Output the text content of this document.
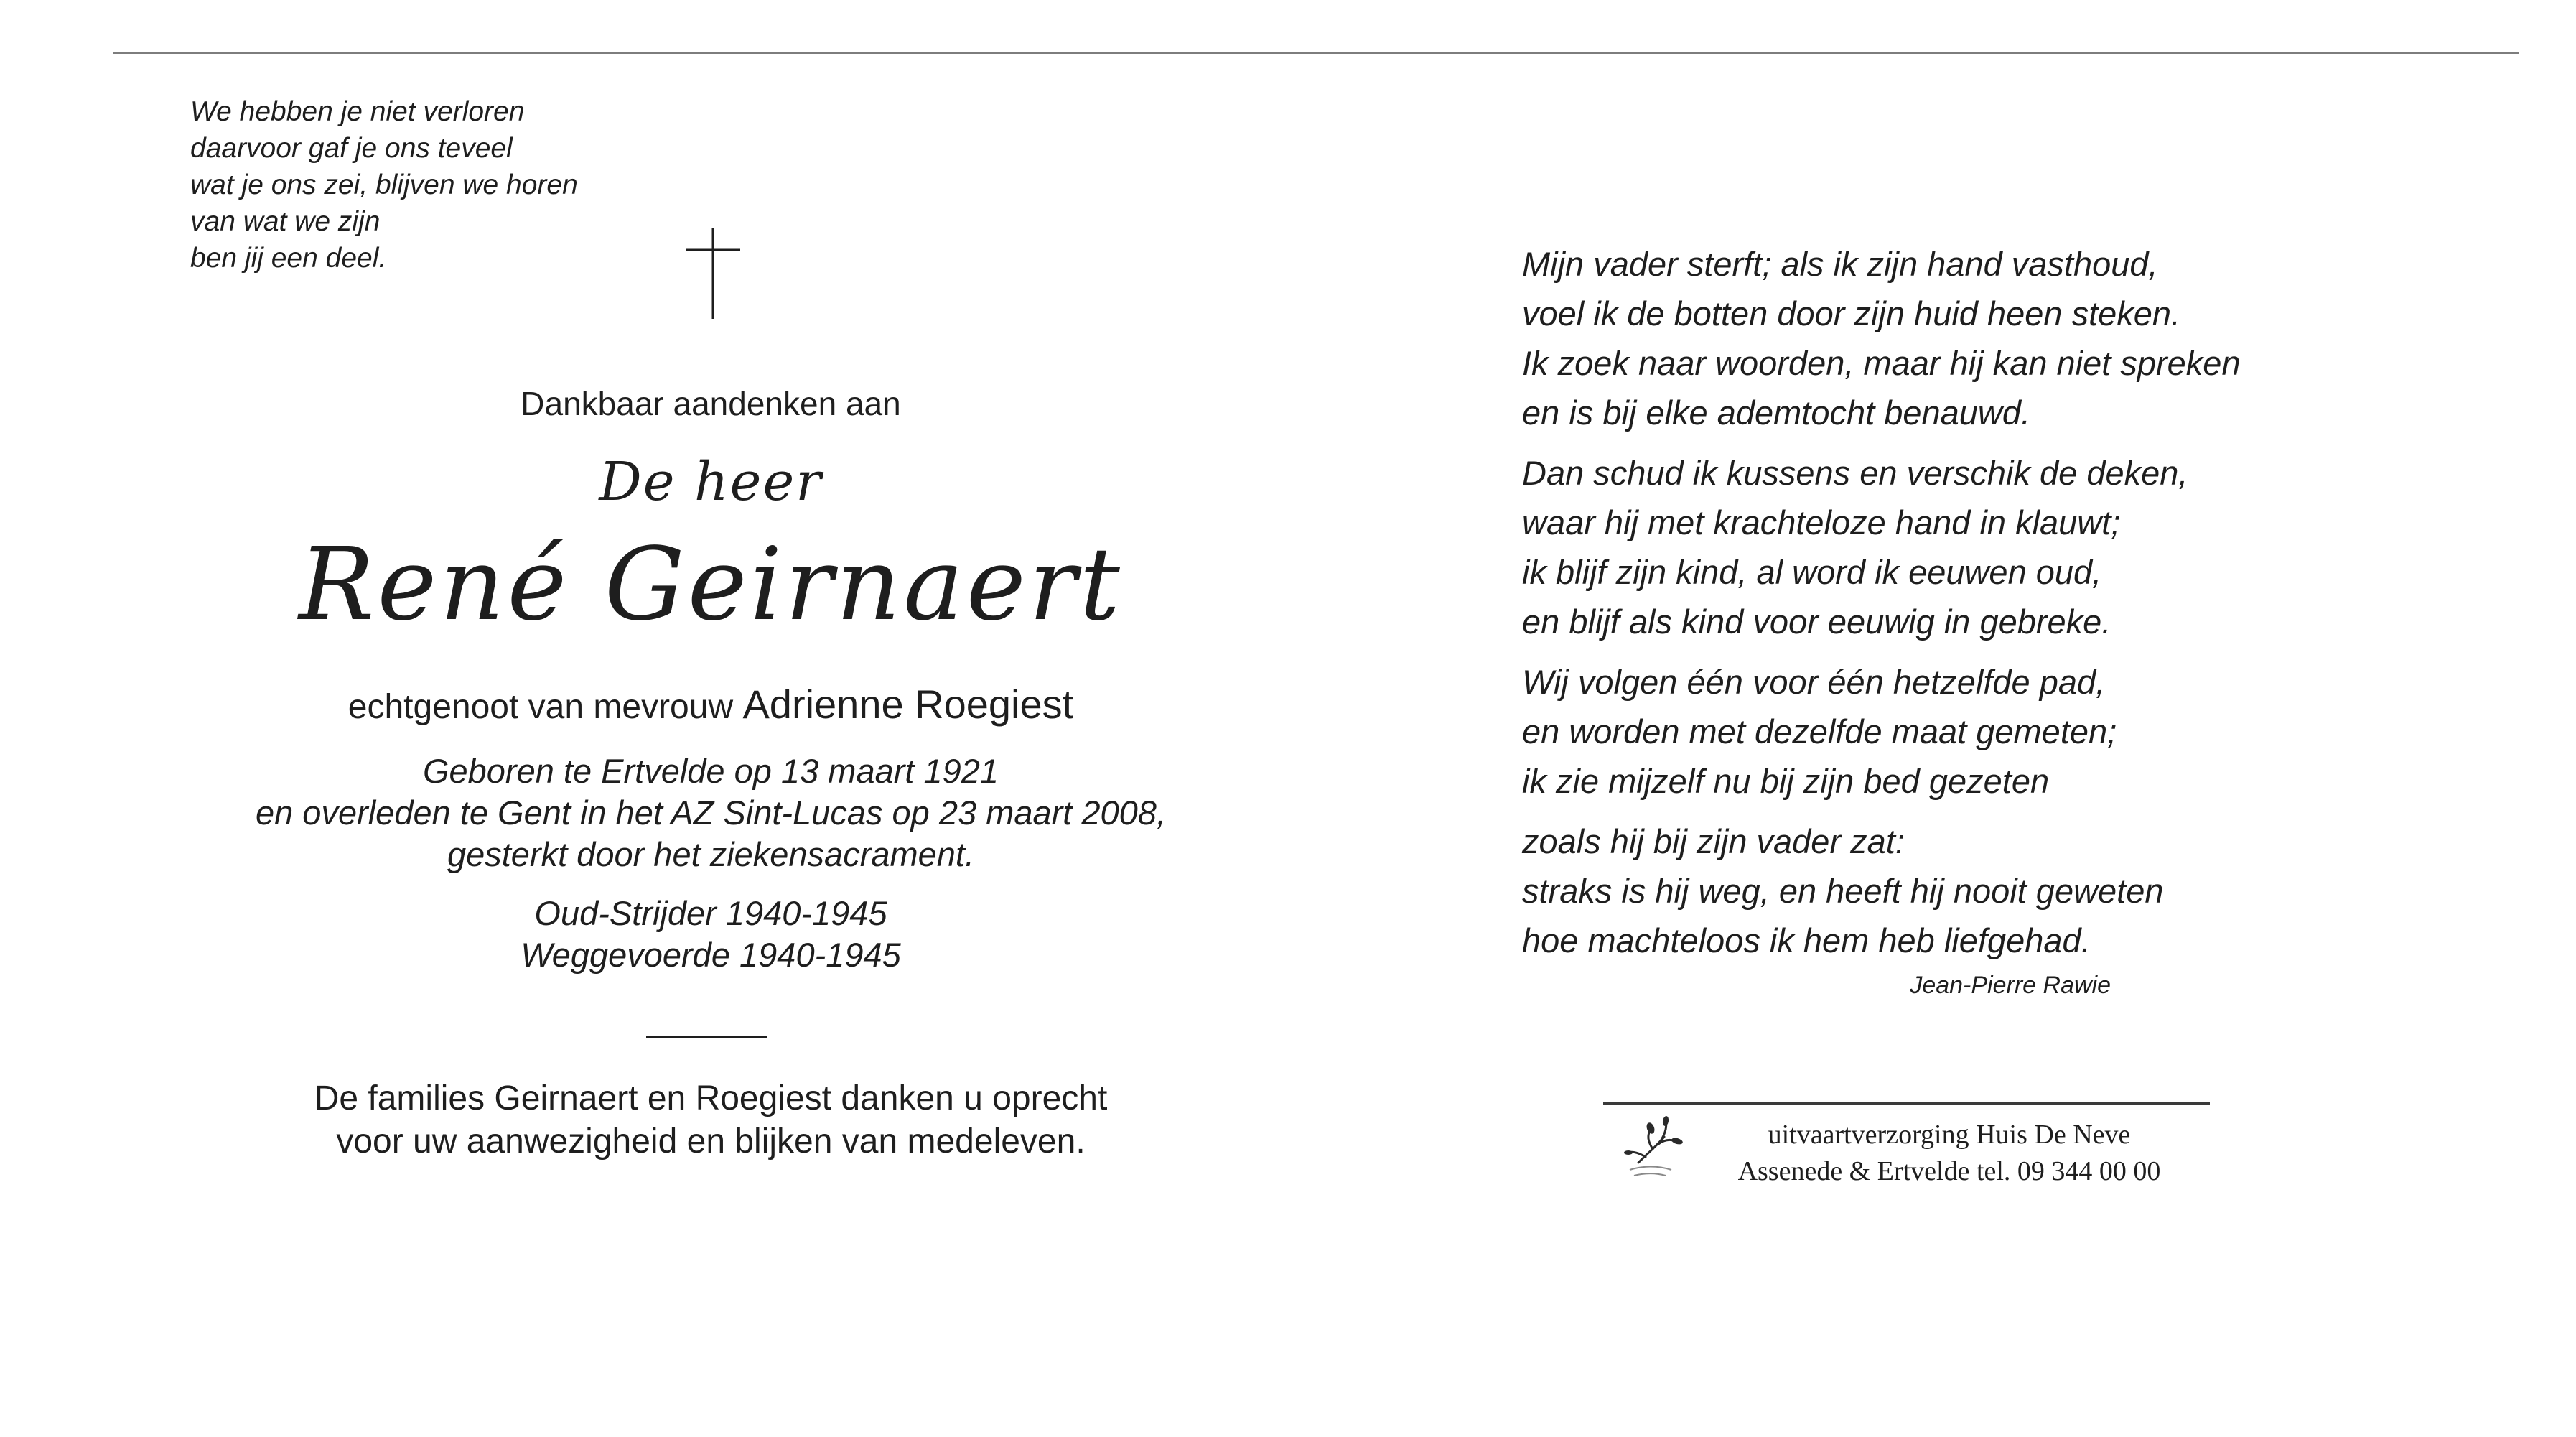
We hebben je niet verloren
daarvoor gaf je ons teveel
wat je ons zei, blijven we horen
van wat we zijn
ben jij een deel.
Dankbaar aandenken aan
De heer
René Geirnaert
echtgenoot van mevrouw Adrienne Roegiest
Geboren te Ertvelde op 13 maart 1921
en overleden te Gent in het AZ Sint-Lucas op 23 maart 2008,
gesterkt door het ziekensacrament.
Oud-Strijder 1940-1945
Weggevoerde 1940-1945
De families Geirnaert en Roegiest danken u oprecht
voor uw aanwezigheid en blijken van medeleven.
Mijn vader sterft; als ik zijn hand vasthoud,
voel ik de botten door zijn huid heen steken.
Ik zoek naar woorden, maar hij kan niet spreken
en is bij elke ademtocht benauwd.
Dan schud ik kussens en verschik de deken,
waar hij met krachteloze hand in klauwt;
ik blijf zijn kind, al word ik eeuwen oud,
en blijf als kind voor eeuwig in gebreke.
Wij volgen één voor één hetzelfde pad,
en worden met dezelfde maat gemeten;
ik zie mijzelf nu bij zijn bed gezeten
zoals hij bij zijn vader zat:
straks is hij weg, en heeft hij nooit geweten
hoe machteloos ik hem heb liefgehad.
Jean-Pierre Rawie
uitvaartverzorging Huis De Neve
Assenede & Ertvelde tel. 09 344 00 00
